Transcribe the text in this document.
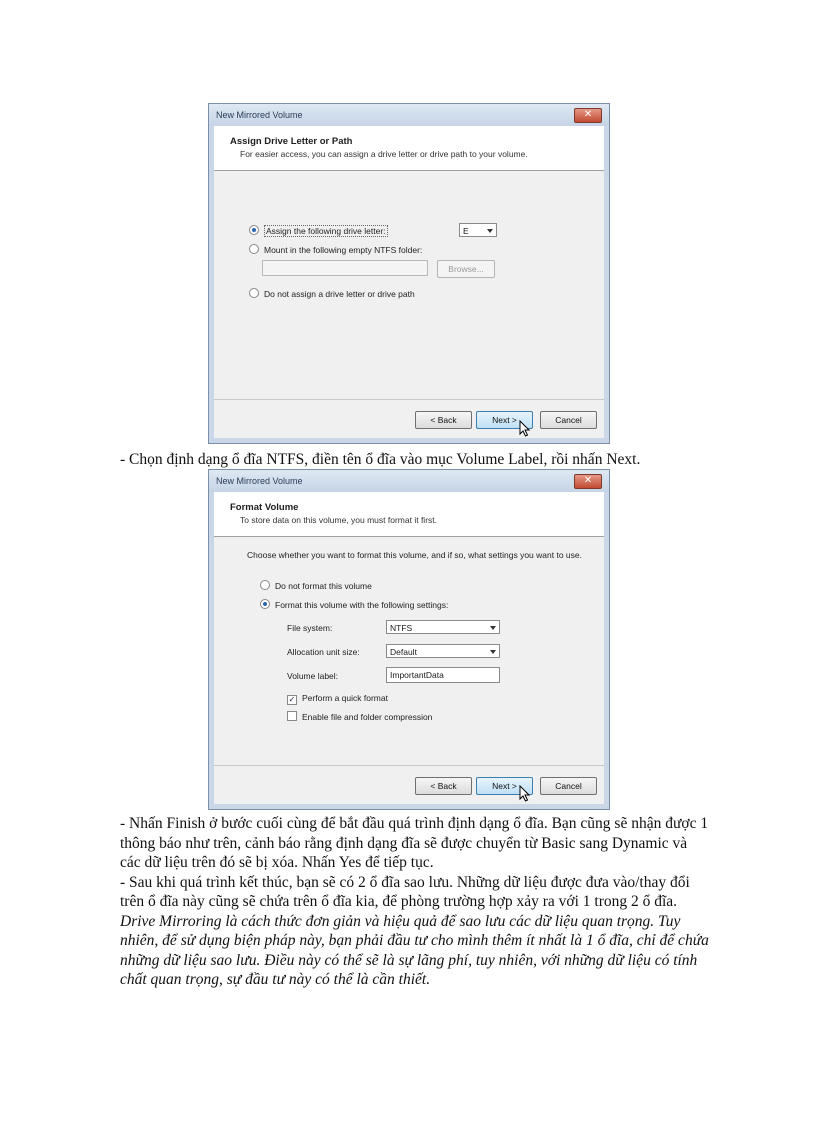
New Mirrored Volume	✕
Assign Drive Letter or Path
For easier access, you can assign a drive letter or drive path to your volume.
Assign the following drive letter:	E
Mount in the following empty NTFS folder:
Browse...
Do not assign a drive letter or drive path
< Back	Next >	Cancel

- Chọn định dạng ổ đĩa NTFS, điền tên ổ đĩa vào mục Volume Label, rồi nhấn Next.

New Mirrored Volume	✕
Format Volume
To store data on this volume, you must format it first.
Choose whether you want to format this volume, and if so, what settings you want to use.
Do not format this volume
Format this volume with the following settings:
File system:	NTFS
Allocation unit size:	Default
Volume label:	ImportantData
✓ Perform a quick format
Enable file and folder compression
< Back	Next >	Cancel

- Nhấn Finish ở bước cuối cùng để bắt đầu quá trình định dạng ổ đĩa. Bạn cũng sẽ nhận được 1 thông báo như trên, cảnh báo rằng định dạng đĩa sẽ được chuyển từ Basic sang Dynamic và các dữ liệu trên đó sẽ bị xóa. Nhấn Yes để tiếp tục.

- Sau khi quá trình kết thúc, bạn sẽ có 2 ổ đĩa sao lưu. Những dữ liệu được đưa vào/thay đổi trên ổ đĩa này cũng sẽ chứa trên ổ đĩa kia, để phòng trường hợp xảy ra với 1 trong 2 ổ đĩa.

Drive Mirroring là cách thức đơn giản và hiệu quả để sao lưu các dữ liệu quan trọng. Tuy nhiên, để sử dụng biện pháp này, bạn phải đầu tư cho mình thêm ít nhất là 1 ổ đĩa, chỉ để chứa những dữ liệu sao lưu. Điều này có thể sẽ là sự lãng phí, tuy nhiên, với những dữ liệu có tính chất quan trọng, sự đầu tư này có thể là cần thiết.
